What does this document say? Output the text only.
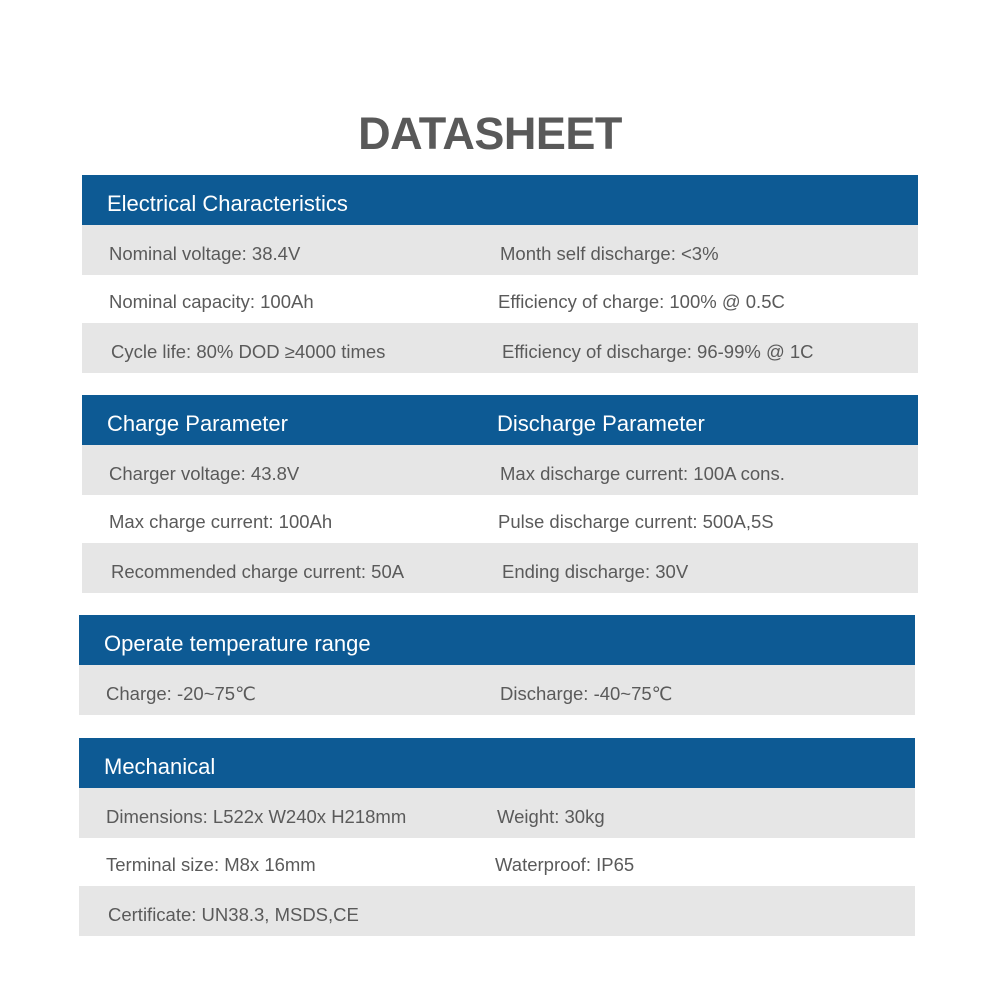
DATASHEET
Electrical Characteristics
Nominal voltage: 38.4V	Month self discharge: <3%
Nominal capacity: 100Ah	Efficiency of charge: 100% @ 0.5C
Cycle life: 80% DOD ≥4000 times	Efficiency of discharge: 96-99% @ 1C
Charge Parameter	Discharge Parameter
Charger voltage: 43.8V	Max discharge current: 100A cons.
Max charge current: 100Ah	Pulse discharge current: 500A,5S
Recommended charge current: 50A	Ending discharge: 30V
Operate temperature range
Charge: -20~75℃	Discharge: -40~75℃
Mechanical
Dimensions: L522x W240x H218mm	Weight: 30kg
Terminal size: M8x 16mm	Waterproof: IP65
Certificate: UN38.3, MSDS,CE
